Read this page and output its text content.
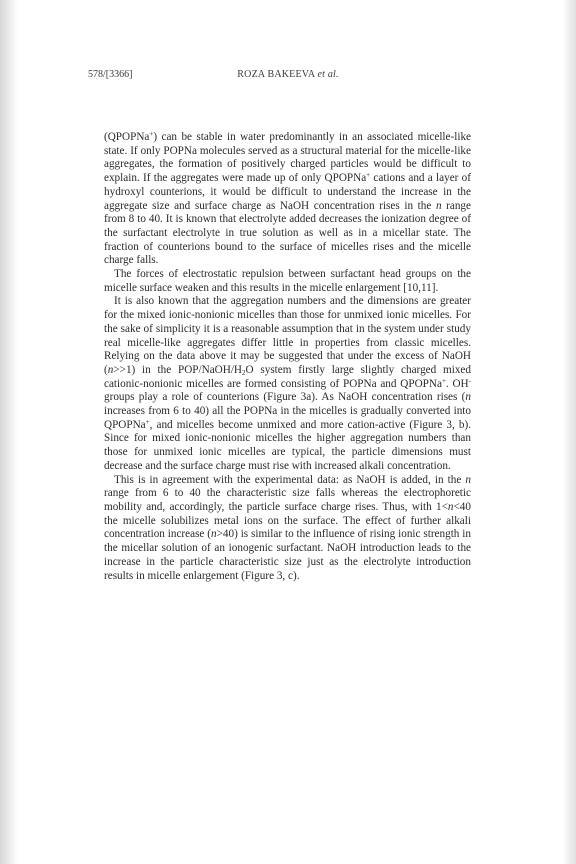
578/[3366]	ROZA BAKEEVA et al.

(QPOPNa+) can be stable in water predominantly in an associated micelle-like state. If only POPNa molecules served as a structural material for the micelle-like aggregates, the formation of positively charged particles would be difficult to explain. If the aggregates were made up of only QPOPNa+ cations and a layer of hydroxyl counterions, it would be difficult to understand the increase in the aggregate size and surface charge as NaOH concentration rises in the n range from 8 to 40. It is known that electrolyte added decreases the ionization degree of the surfactant electrolyte in true solution as well as in a micellar state. The fraction of counterions bound to the surface of micelles rises and the micelle charge falls.

The forces of electrostatic repulsion between surfactant head groups on the micelle surface weaken and this results in the micelle enlargement [10,11].

It is also known that the aggregation numbers and the dimensions are greater for the mixed ionic-nonionic micelles than those for unmixed ionic micelles. For the sake of simplicity it is a reasonable assumption that in the system under study real micelle-like aggregates differ little in properties from classic micelles. Relying on the data above it may be suggested that under the excess of NaOH (n>>1) in the POP/$NaOH/H_2O$ system firstly large slightly charged mixed cationic-nonionic micelles are formed consisting of POPNa and QPOPNa+. OH- groups play a role of counterions (Figure 3a). As NaOH concentration rises (n increases from 6 to 40) all the POPNa in the micelles is gradually converted into QPOPNa+, and micelles become unmixed and more cation-active (Figure 3, b). Since for mixed ionic-nonionic micelles the higher aggregation numbers than those for unmixed ionic micelles are typical, the particle dimensions must decrease and the surface charge must rise with increased alkali concentration.

This is in agreement with the experimental data: as NaOH is added, in the n range from 6 to 40 the characteristic size falls whereas the electrophoretic mobility and, accordingly, the particle surface charge rises. Thus, with 1<n<40 the micelle solubilizes metal ions on the surface. The effect of further alkali concentration increase (n>40) is similar to the influence of rising ionic strength in the micellar solution of an ionogenic surfactant. NaOH introduction leads to the increase in the particle characteristic size just as the electrolyte introduction results in micelle enlargement (Figure 3, c).
